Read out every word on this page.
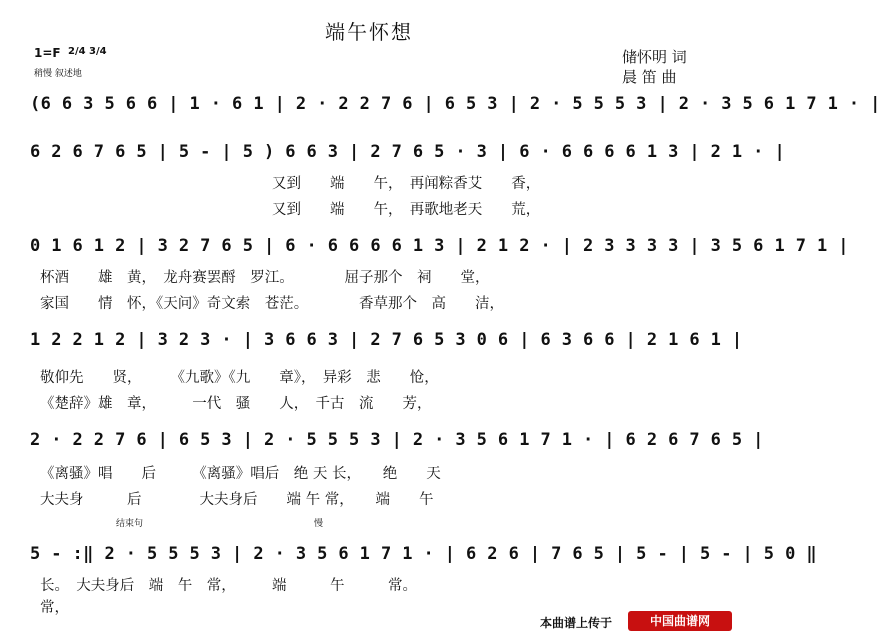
端午怀想
1=F 2/4 3/4
稍慢 叙述地
储怀明 词
晨 笛 曲
(6 6 3 5 6 6 | 1 · 6 1 | 2 · 2 2 7 6 | 6 5 3 | 2 · 5 5 5 3 | 2 · 3 5 6 1 7 1 · |
6 2 6 7 6 5 | 5 - | 5 ) 6 6 3 | 2 7 6 5 · 3 | 6 · 6 6 6 6 1 3 | 2 1 · |
又到　　端　　午，　再闻粽香艾　　香，
又到　　端　　午，　再歌地老天　　荒，
0 1 6 1 2 | 3 2 7 6 5 | 6 · 6 6 6 6 1 3 | 2 1 2 · | 2 3 3 3 3 | 3 5 6 1 7 1 |
杯酒　　雄　黄，　龙舟赛罢酹　罗江。　　　　屈子那个　祠　　堂，
家国　　情　怀，《天问》奇文索　苍茫。　　　　香草那个　高　　洁，
1 2 2 1 2 | 3 2 3 · | 3 6 6 3 | 2 7 6 5 3 0 6 | 6 3 6 6 | 2 1 6 1 |
敬仰先　　贤，　　　《九歌》《九　　章》，　异彩　悲　　怆，
《楚辞》雄　章，　　　一代　骚　　人，　千古　流　　芳，
2 · 2 2 7 6 | 6 5 3 | 2 · 5 5 5 3 | 2 · 3 5 6 1 7 1 · | 6 2 6 7 6 5 |
《离骚》唱　　后　　　《离骚》唱后　绝 天 长，　　绝　　天
大夫身　　　后　　　　大夫身后　　端 午 常，　　端　　午
结束句	慢
5 - :‖ 2 · 5 5 5 3 | 2 · 3 5 6 1 7 1 · | 6 2 6 | 7 6 5 | 5 - | 5 - | 5 0 ‖
长。　大夫身后　端　午　常，　　　端　　　午　　　常。
常，
本曲谱上传于	中国曲谱网
